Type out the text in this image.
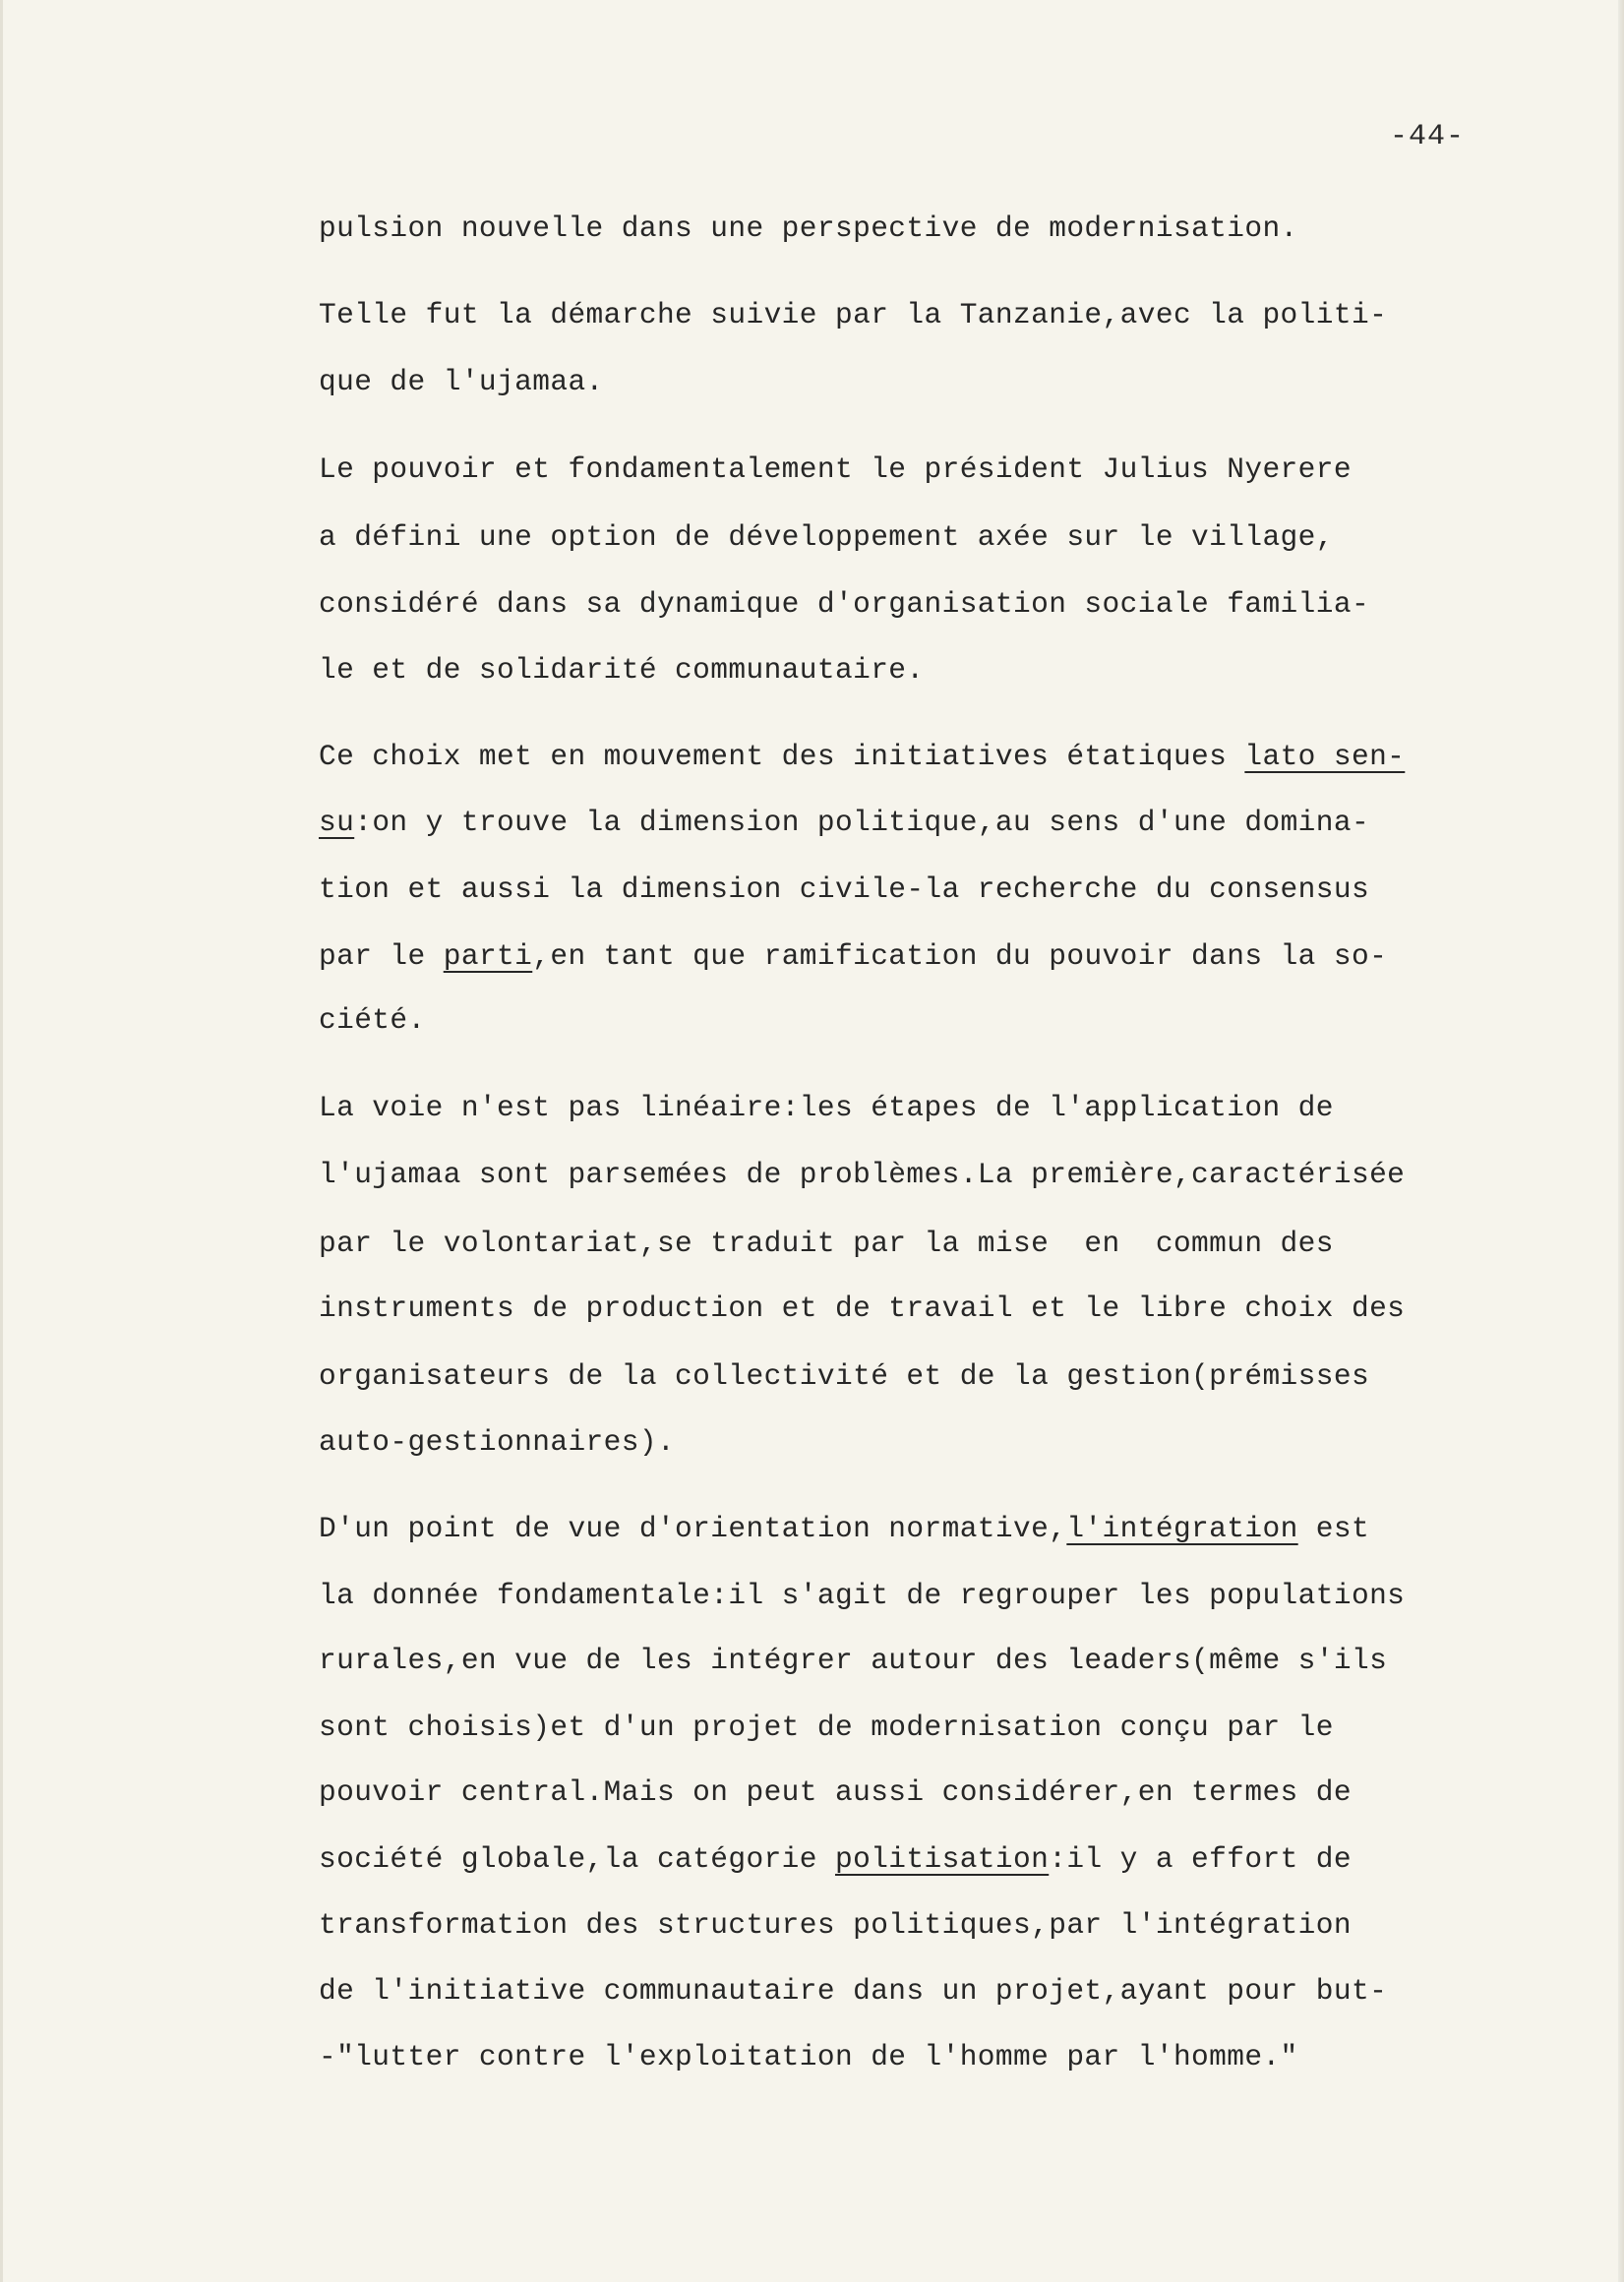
-44-
pulsion nouvelle dans une perspective de modernisation.
Telle fut la démarche suivie par la Tanzanie,avec la politi-
que de l'ujamaa.
Le pouvoir et fondamentalement le président Julius Nyerere
a défini une option de développement axée sur le village,
considéré dans sa dynamique d'organisation sociale familia-
le et de solidarité communautaire.
Ce choix met en mouvement des initiatives étatiques lato sen-
su:on y trouve la dimension politique,au sens d'une domina-
tion et aussi la dimension civile-la recherche du consensus
par le parti,en tant que ramification du pouvoir dans la so-
ciété.
La voie n'est pas linéaire:les étapes de l'application de
l'ujamaa sont parsemées de problèmes.La première,caractérisée
par le volontariat,se traduit par la mise  en  commun des
instruments de production et de travail et le libre choix des
organisateurs de la collectivité et de la gestion(prémisses
auto-gestionnaires).
D'un point de vue d'orientation normative,l'intégration est
la donnée fondamentale:il s'agit de regrouper les populations
rurales,en vue de les intégrer autour des leaders(même s'ils
sont choisis)et d'un projet de modernisation conçu par le
pouvoir central.Mais on peut aussi considérer,en termes de
société globale,la catégorie politisation:il y a effort de
transformation des structures politiques,par l'intégration
de l'initiative communautaire dans un projet,ayant pour but-
-"lutter contre l'exploitation de l'homme par l'homme."
